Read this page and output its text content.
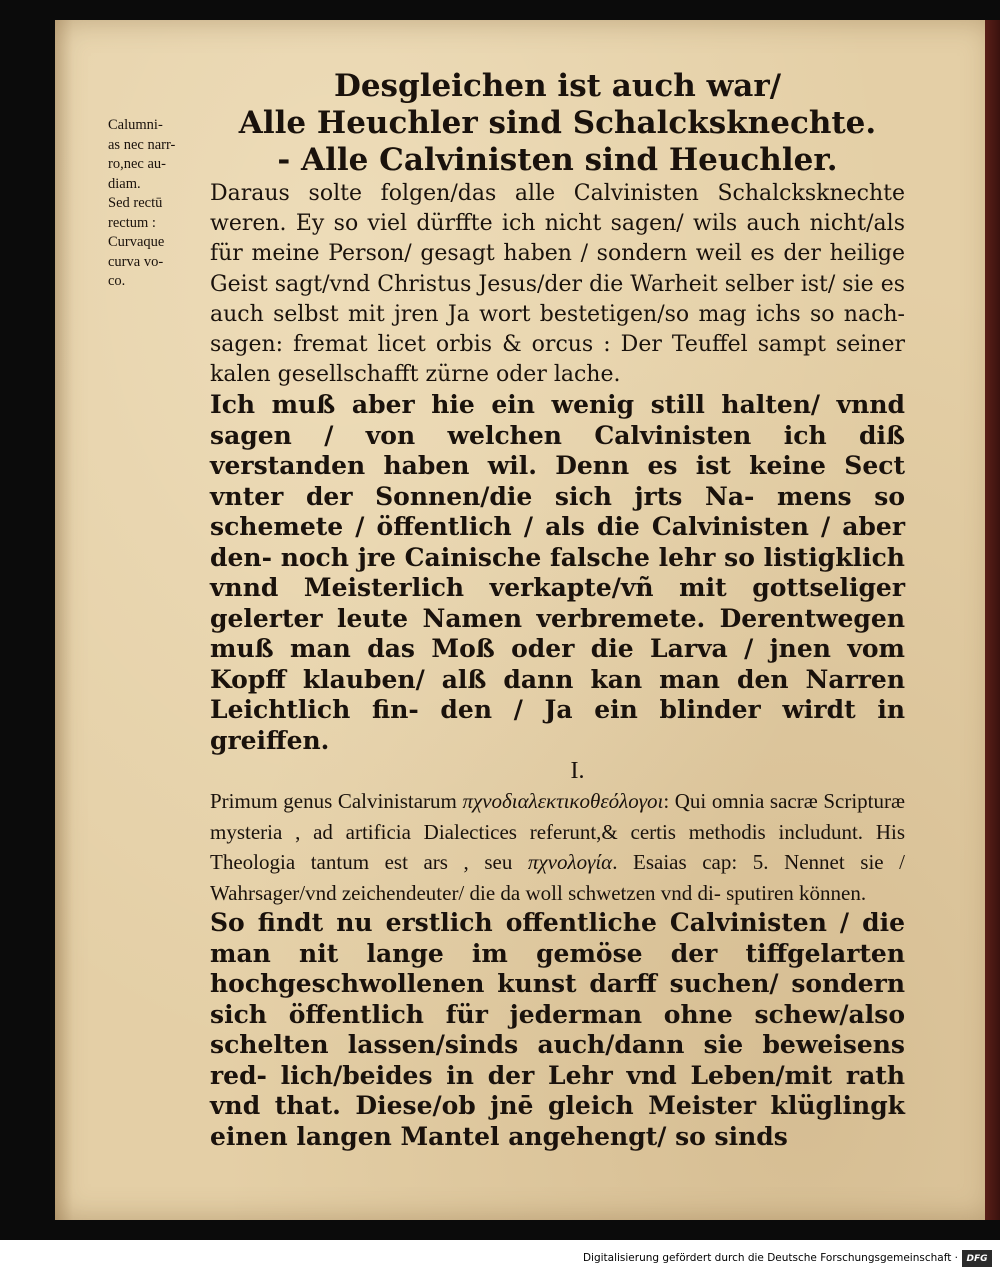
Calumni-
as nec narr-
ro,nec au-
diam.
Sed rectū
rectum :
Curvaque
curva vo-
co.

Desgleichen ist auch war/
Alle Heuchler sind Schalcksknechte.
- Alle Calvinisten sind Heuchler.

Daraus solte folgen/das alle Calvinisten Schalcksknechte weren. Ey so viel dürffte ich nicht sagen/ wils auch nicht/als für meine Person/ gesagt haben / sondern weil es der heilige Geist sagt/vnd Christus Jesus/der die Warheit selber ist/ sie es auch selbst mit jren Ja wort bestetigen/so mag ichs so nach- sagen: fremat licet orbis & orcus : Der Teuffel sampt seiner kalen gesellschafft zürne oder lache.

Ich muß aber hie ein wenig still halten/ vnnd sagen / von welchen Calvinisten ich diß verstanden haben wil. Denn es ist keine Sect vnter der Sonnen/die sich jrts Na- mens so schemete / öffentlich / als die Calvinisten / aber den- noch jre Cainische falsche lehr so listigklich vnnd Meisterlich verkapte/vñ mit gottseliger gelerter leute Namen verbremete. Derentwegen muß man das Moß oder die Larva / jnen vom Kopff klauben/ alß dann kan man den Narren Leichtlich fin- den / Ja ein blinder wirdt in greiffen.

I.

Primum genus Calvinistarum πχνοδιαλεκτικοθεόλογοι: Qui omnia sacræ Scripturæ mysteria , ad artificia Dialectices referunt,& certis methodis includunt. His Theologia tantum est ars , seu πχνολογία. Esaias cap: 5. Nennet sie / Wahrsager/vnd zeichendeuter/ die da woll schwetzen vnd di- sputiren können.

So findt nu erstlich offentliche Calvinisten / die man nit lange im gemöse der tiffgelarten hochgeschwollenen kunst darff suchen/ sondern sich öffentlich für jederman ohne schew/also schelten lassen/sinds auch/dann sie beweisens red- lich/beides in der Lehr vnd Leben/mit rath vnd that. Diese/ob jnē gleich Meister klüglingk einen langen Mantel angehengt/ so sinds

Digitalisierung gefördert durch die Deutsche Forschungsgemeinschaft · DFG
